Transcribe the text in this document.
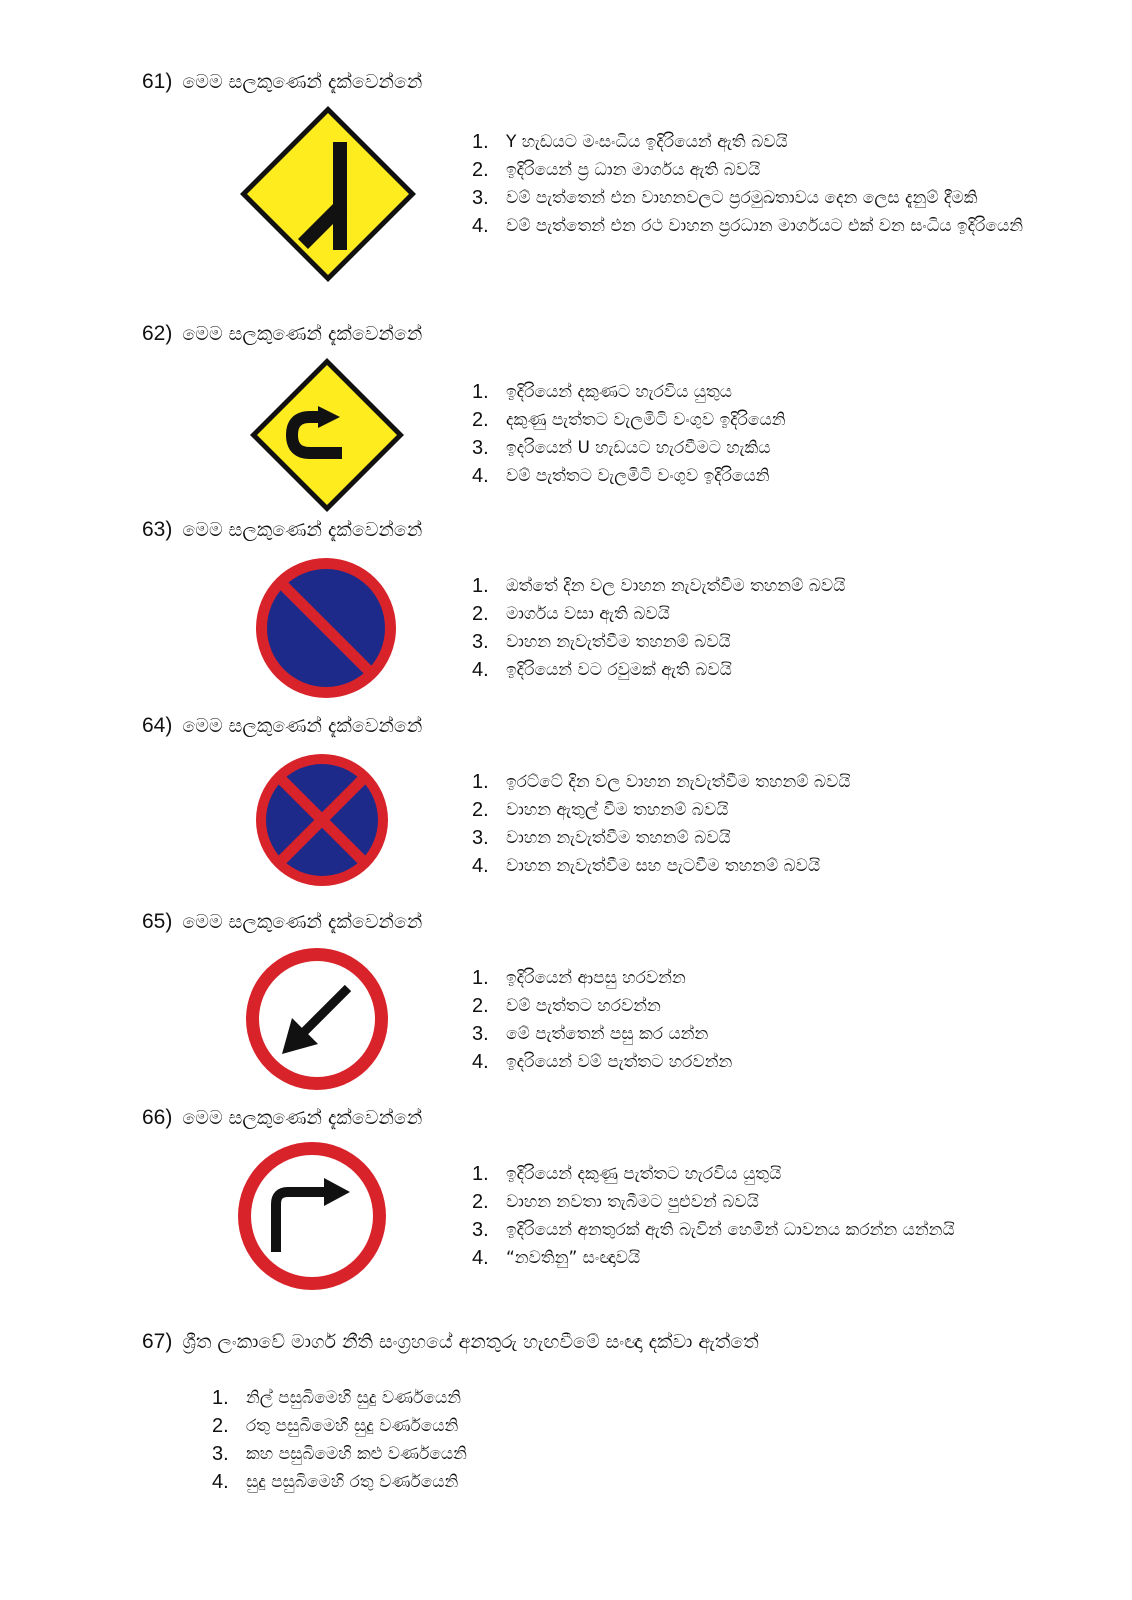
61) මෙම සලකුණෙන් දැක්වෙන්නේ
1. Y හැඩයට මංසංධිය ඉදිරියෙන් ඇති බවයි
2. ඉදිරියෙන් ප්‍ර ධාන මාර්ගය ඇති බවයි
3. වම් පැත්තෙන් එන වාහනවලට ප්‍රරමුඛතාවය දෙන ලෙස දැනුම් දීමකි
4. වම් පැත්තෙන් එන රථ වාහන ප්‍රරධාන මාර්ගයට එක් වන සංධිය ඉදිරියෙනි
62) මෙම සලකුණෙන් දැක්වෙන්නේ
1. ඉදිරියෙන් දකුණට හැරවිය යුතුය
2. දකුණු පැත්තට වැලමිටි වංගුව ඉදිරියෙනි
3. ඉදරියෙන් U හැඩයට හැරවීමට හැකිය
4. වම් පැත්තට වැලමිටි වංගුව ඉදිරියෙනි
63) මෙම සලකුණෙන් දැක්වෙන්නේ
1. ඔත්තේ දින වල වාහන නැවැත්වීම තහනම් බවයි
2. මාර්ගය වසා ඇති බවයි
3. වාහන නැවැත්වීම තහනම් බවයි
4. ඉදිරියෙන් වට රවුමක් ඇති බවයි
64) මෙම සලකුණෙන් දැක්වෙන්නේ
1. ඉරට්ටේ දින වල වාහන නැවැත්වීම තහනම් බවයි
2. වාහන ඇතුල් වීම තහනම් බවයි
3. වාහන නැවැත්වීම තහනම් බවයි
4. වාහන නැවැත්වීම සහ පැටවීම තහනම් බවයි
65) මෙම සලකුණෙන් දැක්වෙන්නේ
1. ඉදිරියෙන් ආපසු හරවන්න
2. වම් පැත්තට හරවන්න
3. මේ පැත්තෙන් පසු කර යන්න
4. ඉදරියෙන් වම් පැත්තට හරවන්න
66) මෙම සලකුණෙන් දැක්වෙන්නේ
1. ඉදිරියෙන් දකුණු පැත්තට හැරවිය යුතුයි
2. වාහන නවතා තැබීමට පුළුවන් බවයි
3. ඉදිරියෙන් අනතුරක් ඇති බැවින් හෙමින් ධාවනය කරන්න යන්නයි
4. “නවතිනු” සංඥාවයි
67) ශ්‍රීත ලංකාවේ මාර්ග නීති සංග්‍රහයේ අනතුරු හැඟවීමේ සංඥා දක්වා ඇත්තේ
1. නිල් පසුබිමෙහි සුදු වර්ණයෙනි
2. රතු පසුබිමෙහි සුදු වර්ණයෙනි
3. කහ පසුබිමෙහි කළු වර්ණයෙනි
4. සුදු පසුබිමෙහි රතු වර්ණයෙනි
